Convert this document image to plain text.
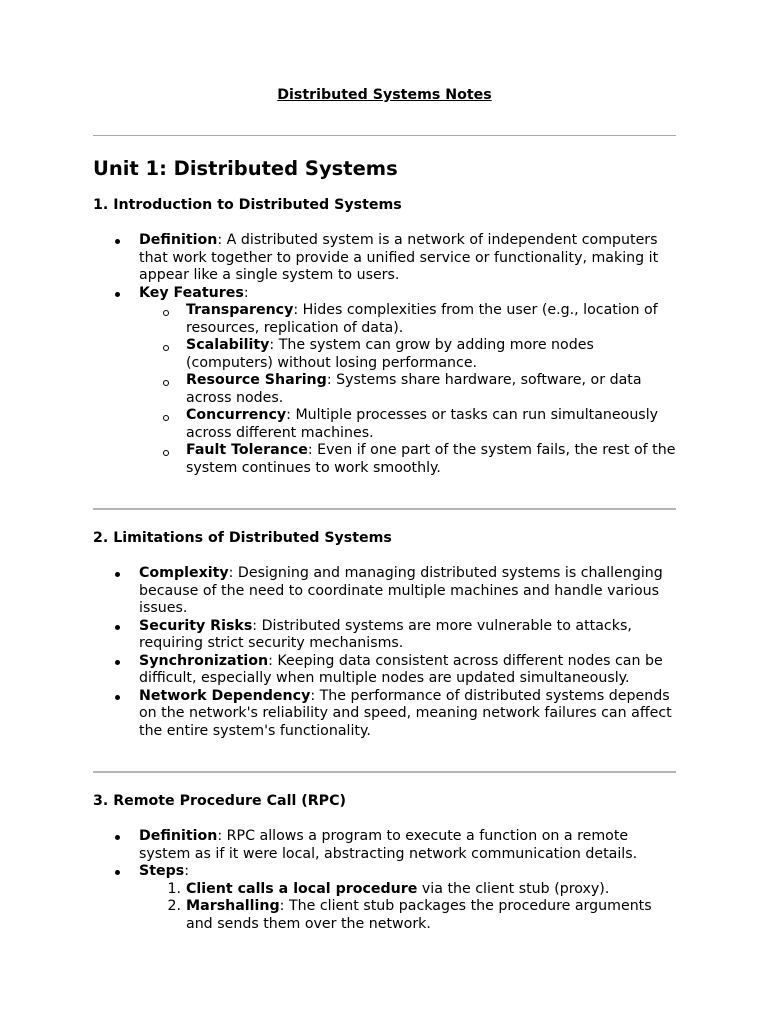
Distributed Systems Notes
Unit 1: Distributed Systems
1. Introduction to Distributed Systems
Definition: A distributed system is a network of independent computers that work together to provide a unified service or functionality, making it appear like a single system to users.
Key Features:
Transparency: Hides complexities from the user (e.g., location of resources, replication of data).
Scalability: The system can grow by adding more nodes (computers) without losing performance.
Resource Sharing: Systems share hardware, software, or data across nodes.
Concurrency: Multiple processes or tasks can run simultaneously across different machines.
Fault Tolerance: Even if one part of the system fails, the rest of the system continues to work smoothly.
2. Limitations of Distributed Systems
Complexity: Designing and managing distributed systems is challenging because of the need to coordinate multiple machines and handle various issues.
Security Risks: Distributed systems are more vulnerable to attacks, requiring strict security mechanisms.
Synchronization: Keeping data consistent across different nodes can be difficult, especially when multiple nodes are updated simultaneously.
Network Dependency: The performance of distributed systems depends on the network's reliability and speed, meaning network failures can affect the entire system's functionality.
3. Remote Procedure Call (RPC)
Definition: RPC allows a program to execute a function on a remote system as if it were local, abstracting network communication details.
Steps:
1. Client calls a local procedure via the client stub (proxy).
2. Marshalling: The client stub packages the procedure arguments and sends them over the network.
